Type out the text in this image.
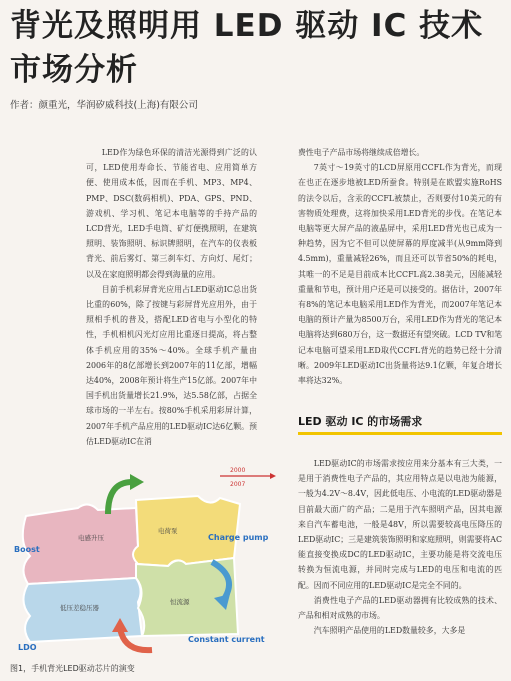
背光及照明用 LED 驱动 IC 技术市场分析
作者：颜重光，华润矽威科技(上海)有限公司

LED作为绿色环保的清洁光源得到广泛的认可，LED使用寿命长、节能省电、应用简单方便、使用成本低，因而在手机、MP3、MP4、PMP、DSC(数码相机)、PDA、GPS、PND、游戏机、学习机、笔记本电脑等的手持产品的LCD背光，LED手电筒、矿灯便携照明，在建筑照明、装饰照明、标识牌照明，在汽车的仪表板背光、前后雾灯、第三刹车灯、方向灯、尾灯；以及在家庭照明都会得到海量的应用。

目前手机彩屏背光应用占LED驱动IC总出货比重的60%，除了按键与彩屏背光应用外，由于照相手机的普及，搭配LED省电与小型化的特性，手机相机闪光灯应用比重逐日提高，将占整体手机应用的35%～40%。全球手机产量由2006年的8亿部增长到2007年的11亿部，增幅达40%，2008年预计将生产15亿部。2007年中国手机出货量增长21.9%，达5.58亿部，占据全球市场的一半左右。按80%手机采用彩屏计算，2007年手机产品应用的LED驱动IC达6亿颗。预估LED驱动IC在消

费性电子产品市场将继续成倍增长。

7英寸～19英寸的LCD屏原用CCFL作为背光，而现在也正在逐步地被LED所蚕食。特别是在欧盟实施RoHS的法令以后，含汞的CCFL被禁止，否则要付10美元的有害物质处理费，这将加快采用LED背光的步伐。在笔记本电脑等更大屏产品的液晶屏中，采用LED背光也已成为一种趋势，因为它不但可以使屏幕的厚度减半(从9mm降到4.5mm)，重量减轻26%，而且还可以节省50%的耗电，其唯一的不足是目前成本比CCFL高2.38美元，因能减轻重量和节电，预计用户还是可以接受的。据估计，2007年有8%的笔记本电脑采用LED作为背光，而2007年笔记本电脑的预计产量为8500万台，采用LED作为背光的笔记本电脑将达到680万台，这一数据还有望突破。LCD TV和笔记本电脑可望采用LED取代CCFL背光的趋势已经十分清晰。2009年LED驱动IC出货量将达9.1亿颗，年复合增长率将达32%。

LED 驱动 IC 的市场需求

LED驱动IC的市场需求按应用来分基本有三大类，一是用于消费性电子产品的，其应用特点是以电池为能源，一般为4.2V～8.4V，因此低电压、小电流的LED驱动器是目前最大面广的产品；二是用于汽车照明产品，因其电源来自汽车蓄电池，一般是48V，所以需要较高电压降压的LED驱动IC；三是建筑装饰照明和家庭照明，则需要将AC能直接变换成DC的LED驱动IC，主要功能是将交流电压转换为恒流电源，并同时完成与LED的电压和电流的匹配。因而不同应用的LED驱动IC是完全不同的。

消费性电子产品的LED驱动器拥有比较成熟的技术、产品和相对成熟的市场。

汽车照明产品使用的LED数量较多，大多是

2000
2007
Boost
电感升压
电荷泵
Charge pump
低压差稳压器
恒流源
LDO
Constant current
图1，手机背光LED驱动芯片的演变
